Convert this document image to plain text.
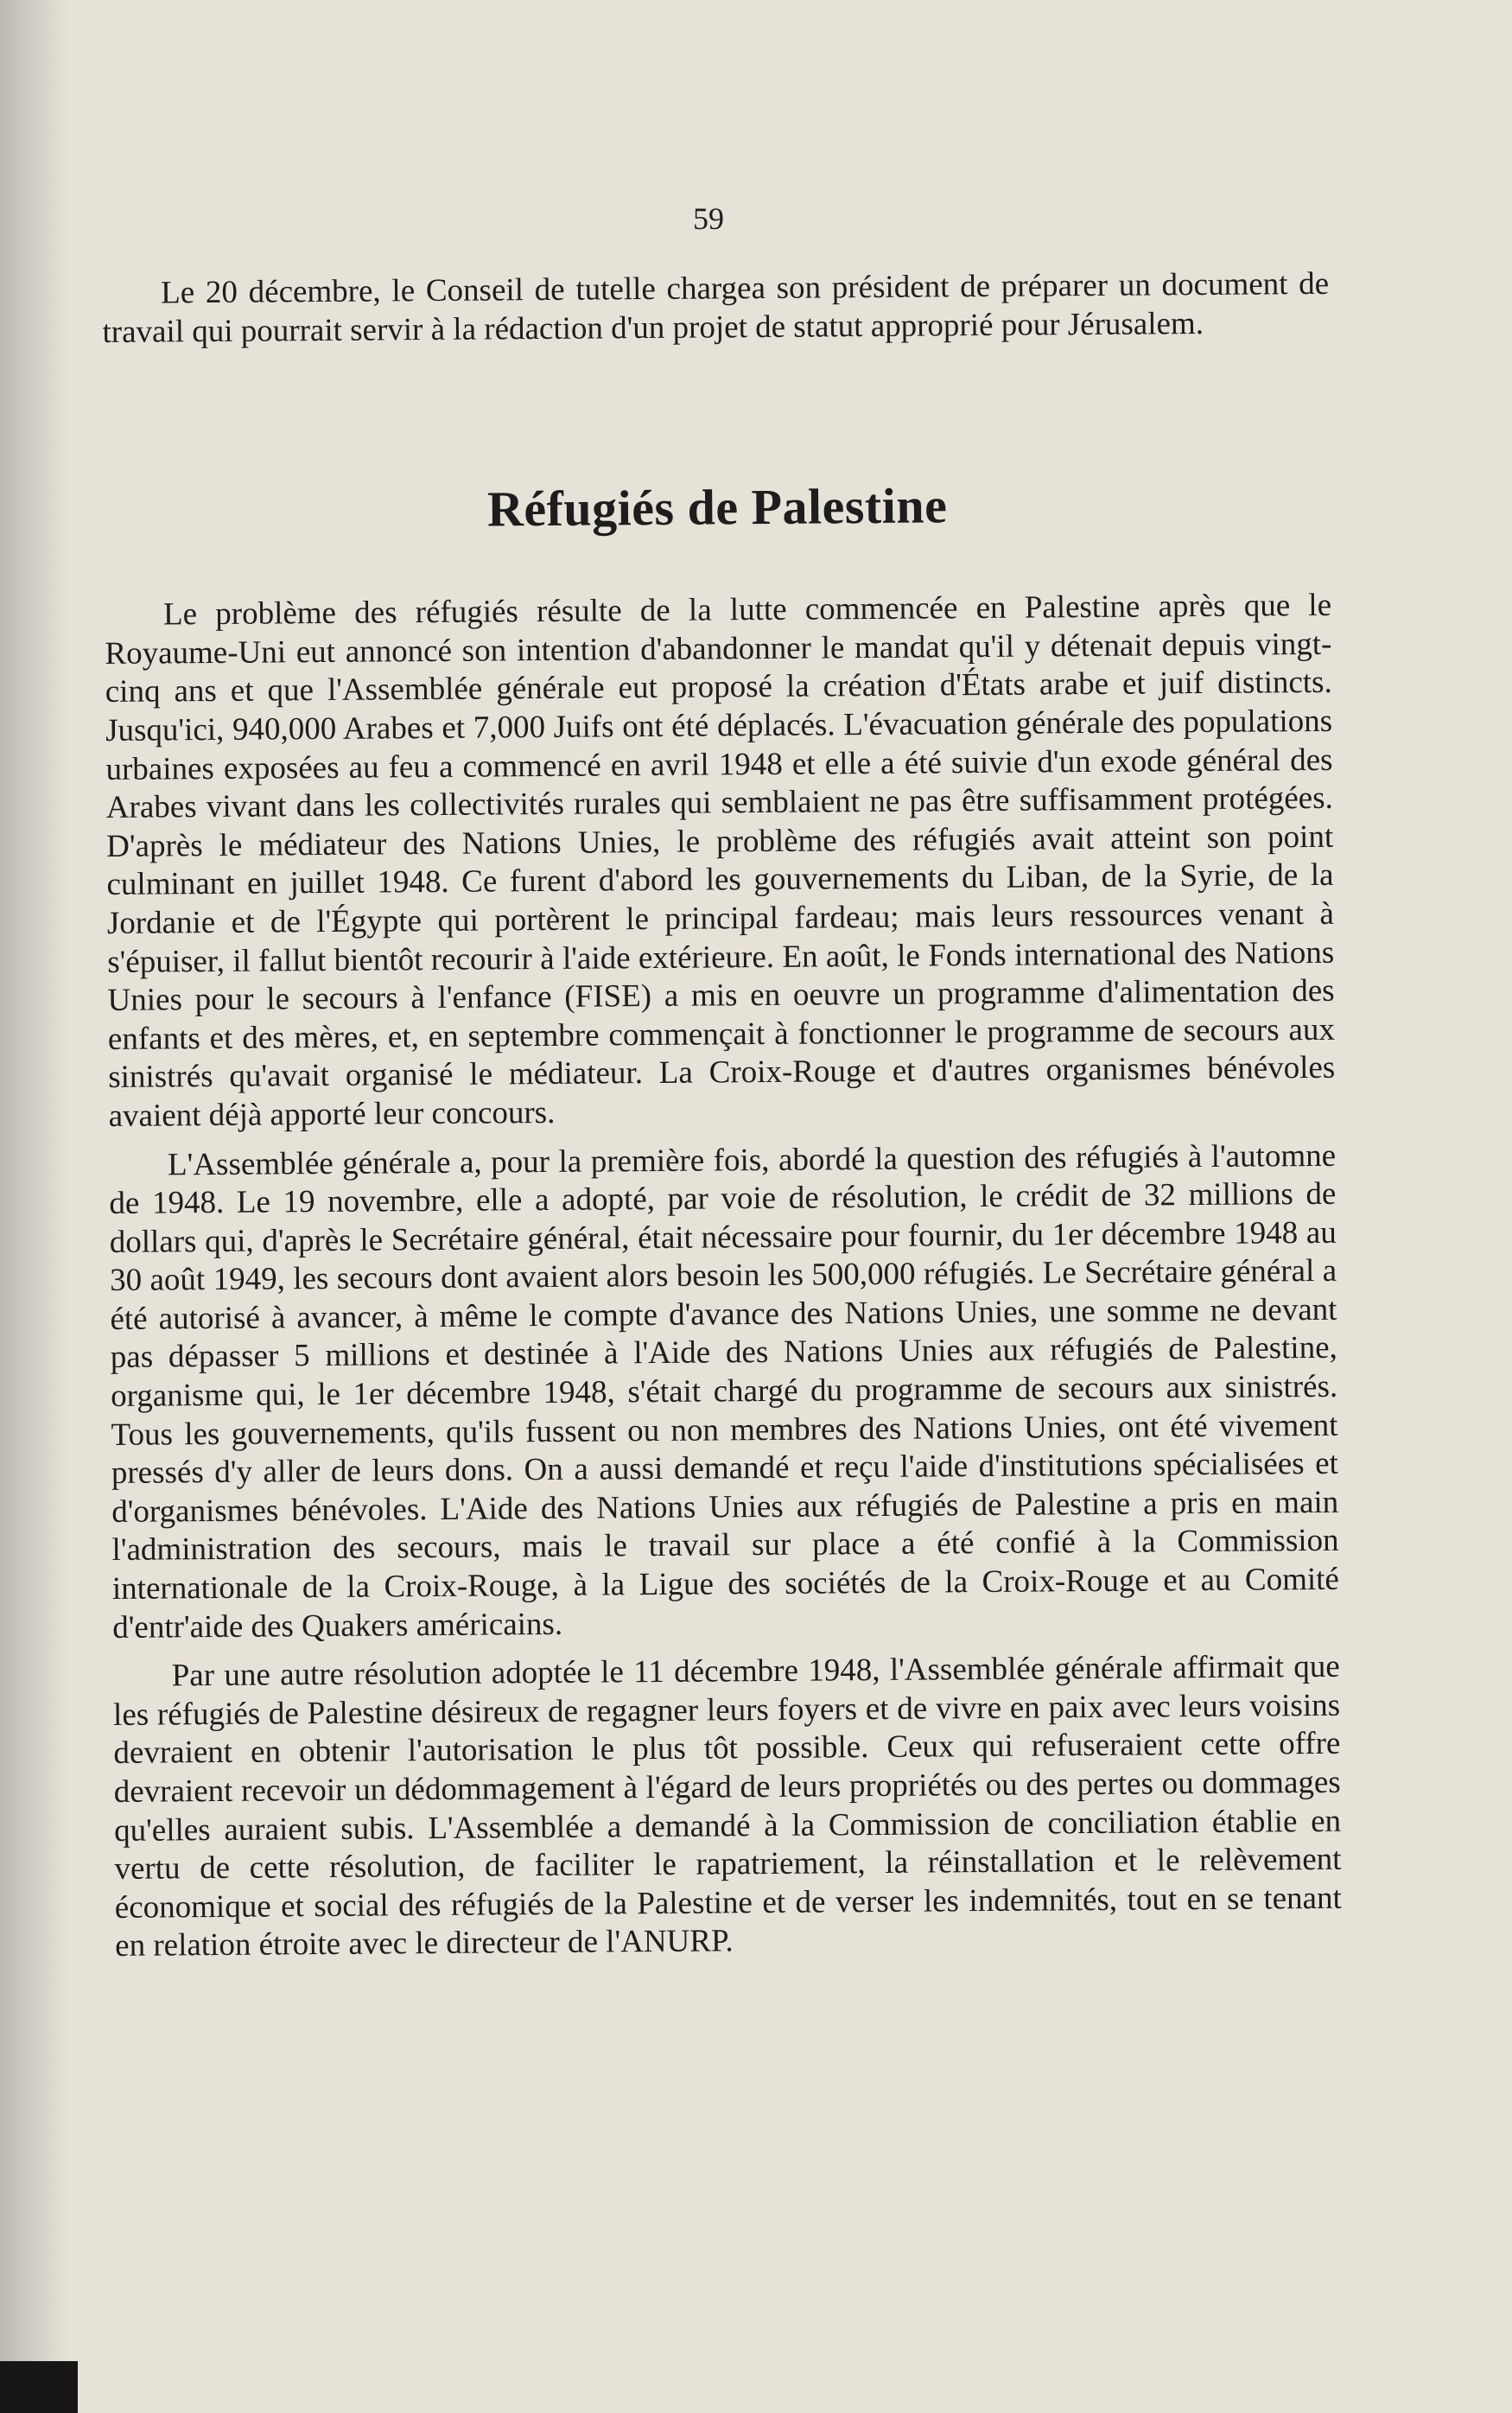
59

Le 20 décembre, le Conseil de tutelle chargea son président de préparer un document de travail qui pourrait servir à la rédaction d'un projet de statut approprié pour Jérusalem.

Réfugiés de Palestine

Le problème des réfugiés résulte de la lutte commencée en Palestine après que le Royaume-Uni eut annoncé son intention d'abandonner le mandat qu'il y détenait depuis vingt-cinq ans et que l'Assemblée générale eut proposé la création d'États arabe et juif distincts. Jusqu'ici, 940,000 Arabes et 7,000 Juifs ont été déplacés. L'évacuation générale des populations urbaines exposées au feu a commencé en avril 1948 et elle a été suivie d'un exode général des Arabes vivant dans les collectivités rurales qui semblaient ne pas être suffisamment protégées. D'après le médiateur des Nations Unies, le problème des réfugiés avait atteint son point culminant en juillet 1948. Ce furent d'abord les gouvernements du Liban, de la Syrie, de la Jordanie et de l'Égypte qui portèrent le principal fardeau; mais leurs ressources venant à s'épuiser, il fallut bientôt recourir à l'aide extérieure. En août, le Fonds international des Nations Unies pour le secours à l'enfance (FISE) a mis en oeuvre un programme d'alimentation des enfants et des mères, et, en septembre commençait à fonctionner le programme de secours aux sinistrés qu'avait organisé le médiateur. La Croix-Rouge et d'autres organismes bénévoles avaient déjà apporté leur concours.

L'Assemblée générale a, pour la première fois, abordé la question des réfugiés à l'automne de 1948. Le 19 novembre, elle a adopté, par voie de résolution, le crédit de 32 millions de dollars qui, d'après le Secrétaire général, était nécessaire pour fournir, du 1er décembre 1948 au 30 août 1949, les secours dont avaient alors besoin les 500,000 réfugiés. Le Secrétaire général a été autorisé à avancer, à même le compte d'avance des Nations Unies, une somme ne devant pas dépasser 5 millions et destinée à l'Aide des Nations Unies aux réfugiés de Palestine, organisme qui, le 1er décembre 1948, s'était chargé du programme de secours aux sinistrés. Tous les gouvernements, qu'ils fussent ou non membres des Nations Unies, ont été vivement pressés d'y aller de leurs dons. On a aussi demandé et reçu l'aide d'institutions spécialisées et d'organismes bénévoles. L'Aide des Nations Unies aux réfugiés de Palestine a pris en main l'administration des secours, mais le travail sur place a été confié à la Commission internationale de la Croix-Rouge, à la Ligue des sociétés de la Croix-Rouge et au Comité d'entr'aide des Quakers américains.

Par une autre résolution adoptée le 11 décembre 1948, l'Assemblée générale affirmait que les réfugiés de Palestine désireux de regagner leurs foyers et de vivre en paix avec leurs voisins devraient en obtenir l'autorisation le plus tôt possible. Ceux qui refuseraient cette offre devraient recevoir un dédommagement à l'égard de leurs propriétés ou des pertes ou dommages qu'elles auraient subis. L'Assemblée a demandé à la Commission de conciliation établie en vertu de cette résolution, de faciliter le rapatriement, la réinstallation et le relèvement économique et social des réfugiés de la Palestine et de verser les indemnités, tout en se tenant en relation étroite avec le directeur de l'ANURP.
